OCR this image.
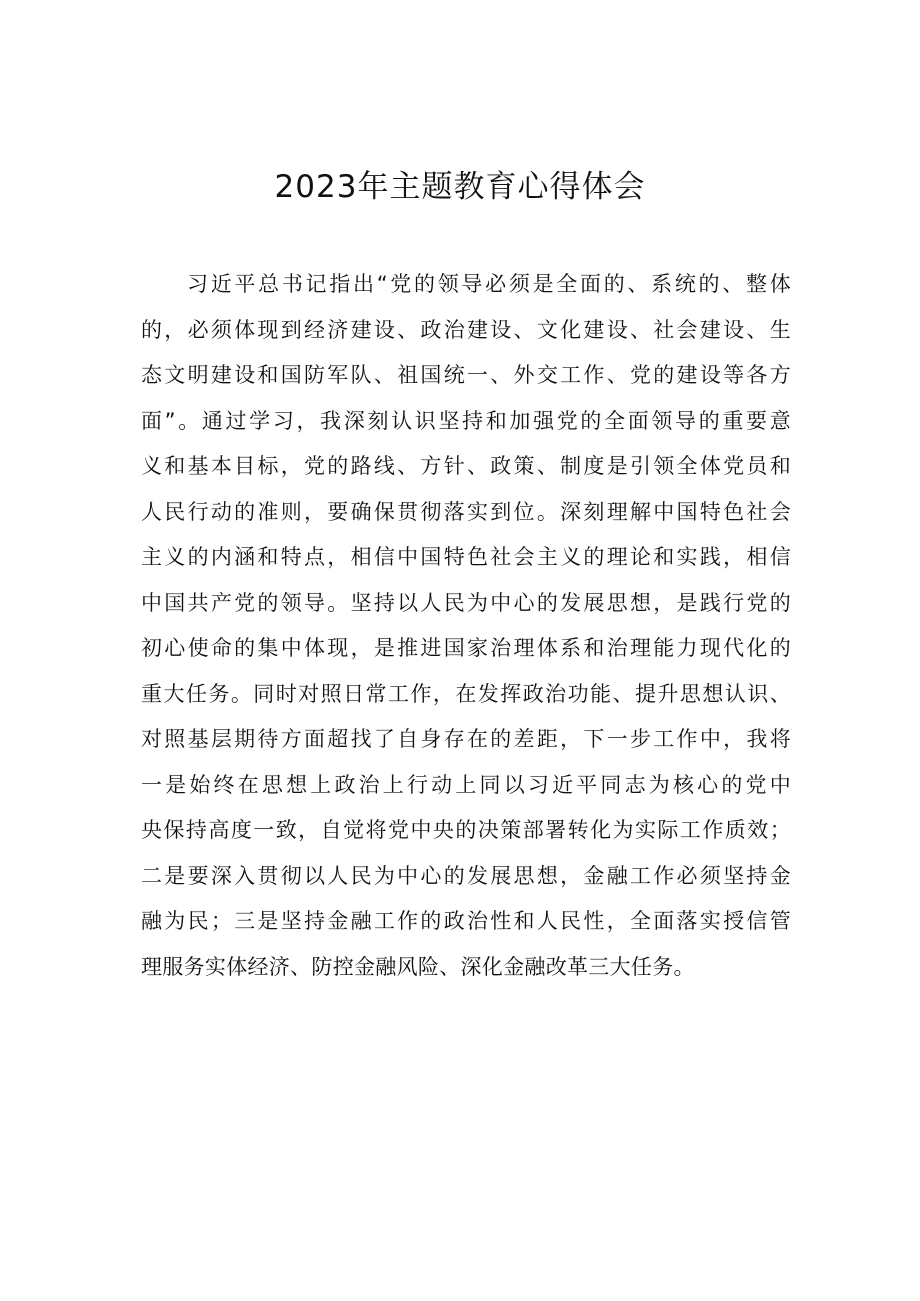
2023年主题教育心得体会
习近平总书记指出“党的领导必须是全面的、系统的、整体
的，必须体现到经济建设、政治建设、文化建设、社会建设、生
态文明建设和国防军队、祖国统一、外交工作、党的建设等各方
面”。通过学习，我深刻认识坚持和加强党的全面领导的重要意
义和基本目标，党的路线、方针、政策、制度是引领全体党员和
人民行动的准则，要确保贯彻落实到位。深刻理解中国特色社会
主义的内涵和特点，相信中国特色社会主义的理论和实践，相信
中国共产党的领导。坚持以人民为中心的发展思想，是践行党的
初心使命的集中体现，是推进国家治理体系和治理能力现代化的
重大任务。同时对照日常工作，在发挥政治功能、提升思想认识、
对照基层期待方面超找了自身存在的差距，下一步工作中，我将
一是始终在思想上政治上行动上同以习近平同志为核心的党中
央保持高度一致，自觉将党中央的决策部署转化为实际工作质效；
二是要深入贯彻以人民为中心的发展思想，金融工作必须坚持金
融为民；三是坚持金融工作的政治性和人民性，全面落实授信管
理服务实体经济、防控金融风险、深化金融改革三大任务。
